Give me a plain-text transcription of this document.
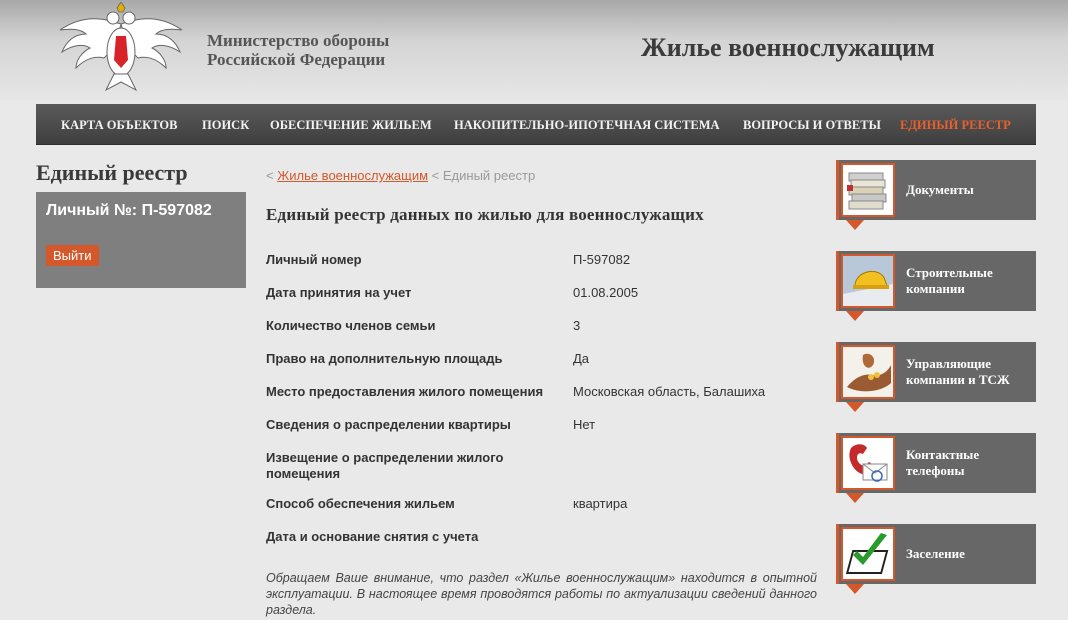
Министерство обороны
Российской Федерации	Жилье военнослужащим
КАРТА ОБЪЕКТОВ ПОИСК ОБЕСПЕЧЕНИЕ ЖИЛЬЕМ НАКОПИТЕЛЬНО-ИПОТЕЧНАЯ СИСТЕМА ВОПРОСЫ И ОТВЕТЫ ЕДИНЫЙ РЕЕСТР
Единый реестр
Личный №: П-597082
Выйти
< Жилье военнослужащим < Единый реестр
Единый реестр данных по жилью для военнослужащих
Личный номер	П-597082
Дата принятия на учет	01.08.2005
Количество членов семьи	3
Право на дополнительную площадь	Да
Место предоставления жилого помещения	Московская область, Балашиха
Сведения о распределении квартиры	Нет
Извещение о распределении жилого помещения
Способ обеспечения жильем	квартира
Дата и основание снятия с учета
Обращаем Ваше внимание, что раздел «Жилье военнослужащим» находится в опытной эксплуатации. В настоящее время проводятся работы по актуализации сведений данного раздела.
Документы
Строительные компании
Управляющие компании и ТСЖ
Контактные телефоны
Заселение
